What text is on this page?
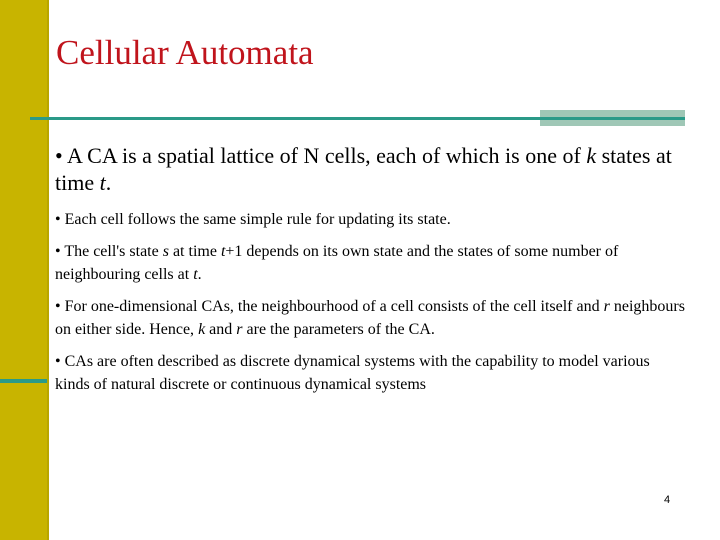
Cellular Automata

• A CA is a spatial lattice of N cells, each of which is one of k states at time t.

• Each cell follows the same simple rule for updating its state.

• The cell's state s at time t+1 depends on its own state and the states of some number of neighbouring cells at t.

• For one-dimensional CAs, the neighbourhood of a cell consists of the cell itself and r neighbours on either side. Hence, k and r are the parameters of the CA.

• CAs are often described as discrete dynamical systems with the capability to model various kinds of natural discrete or continuous dynamical systems

4
